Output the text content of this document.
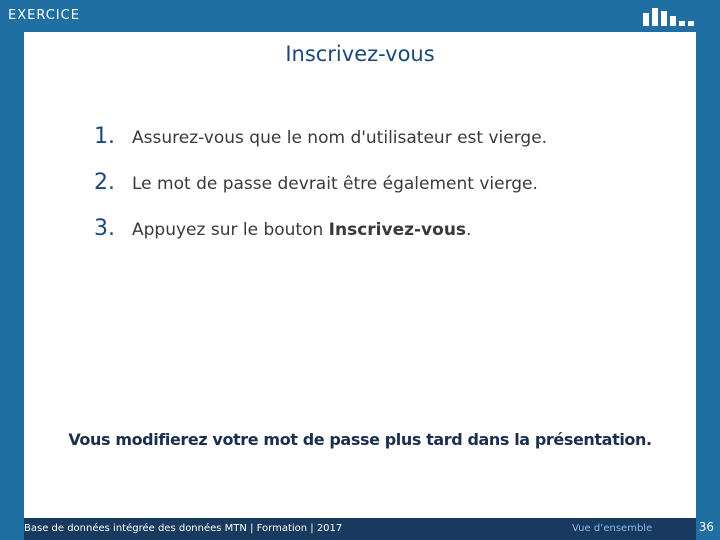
EXERCICE
Inscrivez-vous
1.	Assurez-vous que le nom d'utilisateur est vierge.
2.	Le mot de passe devrait être également vierge.
3.	Appuyez sur le bouton Inscrivez-vous.
Vous modifierez votre mot de passe plus tard dans la présentation.
Base de données intégrée des données MTN | Formation | 2017	Vue d’ensemble	36
